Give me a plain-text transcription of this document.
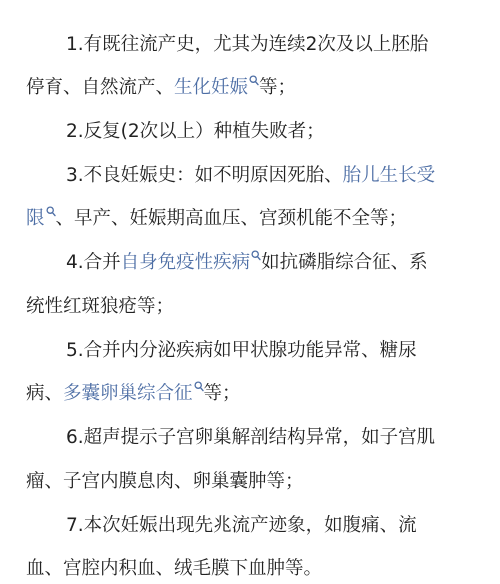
1.有既往流产史，尤其为连续2次及以上胚胎
停育、自然流产、生化妊娠 等；
2.反复(2次以上）种植失败者；
3.不良妊娠史：如不明原因死胎、胎儿生长受
限 、早产、妊娠期高血压、宫颈机能不全等；
4.合并自身免疫性疾病 如抗磷脂综合征、系
统性红斑狼疮等；
5.合并内分泌疾病如甲状腺功能异常、糖尿
病、多囊卵巢综合征 等；
6.超声提示子宫卵巢解剖结构异常，如子宫肌
瘤、子宫内膜息肉、卵巢囊肿等；
7.本次妊娠出现先兆流产迹象，如腹痛、流
血、宫腔内积血、绒毛膜下血肿等。
